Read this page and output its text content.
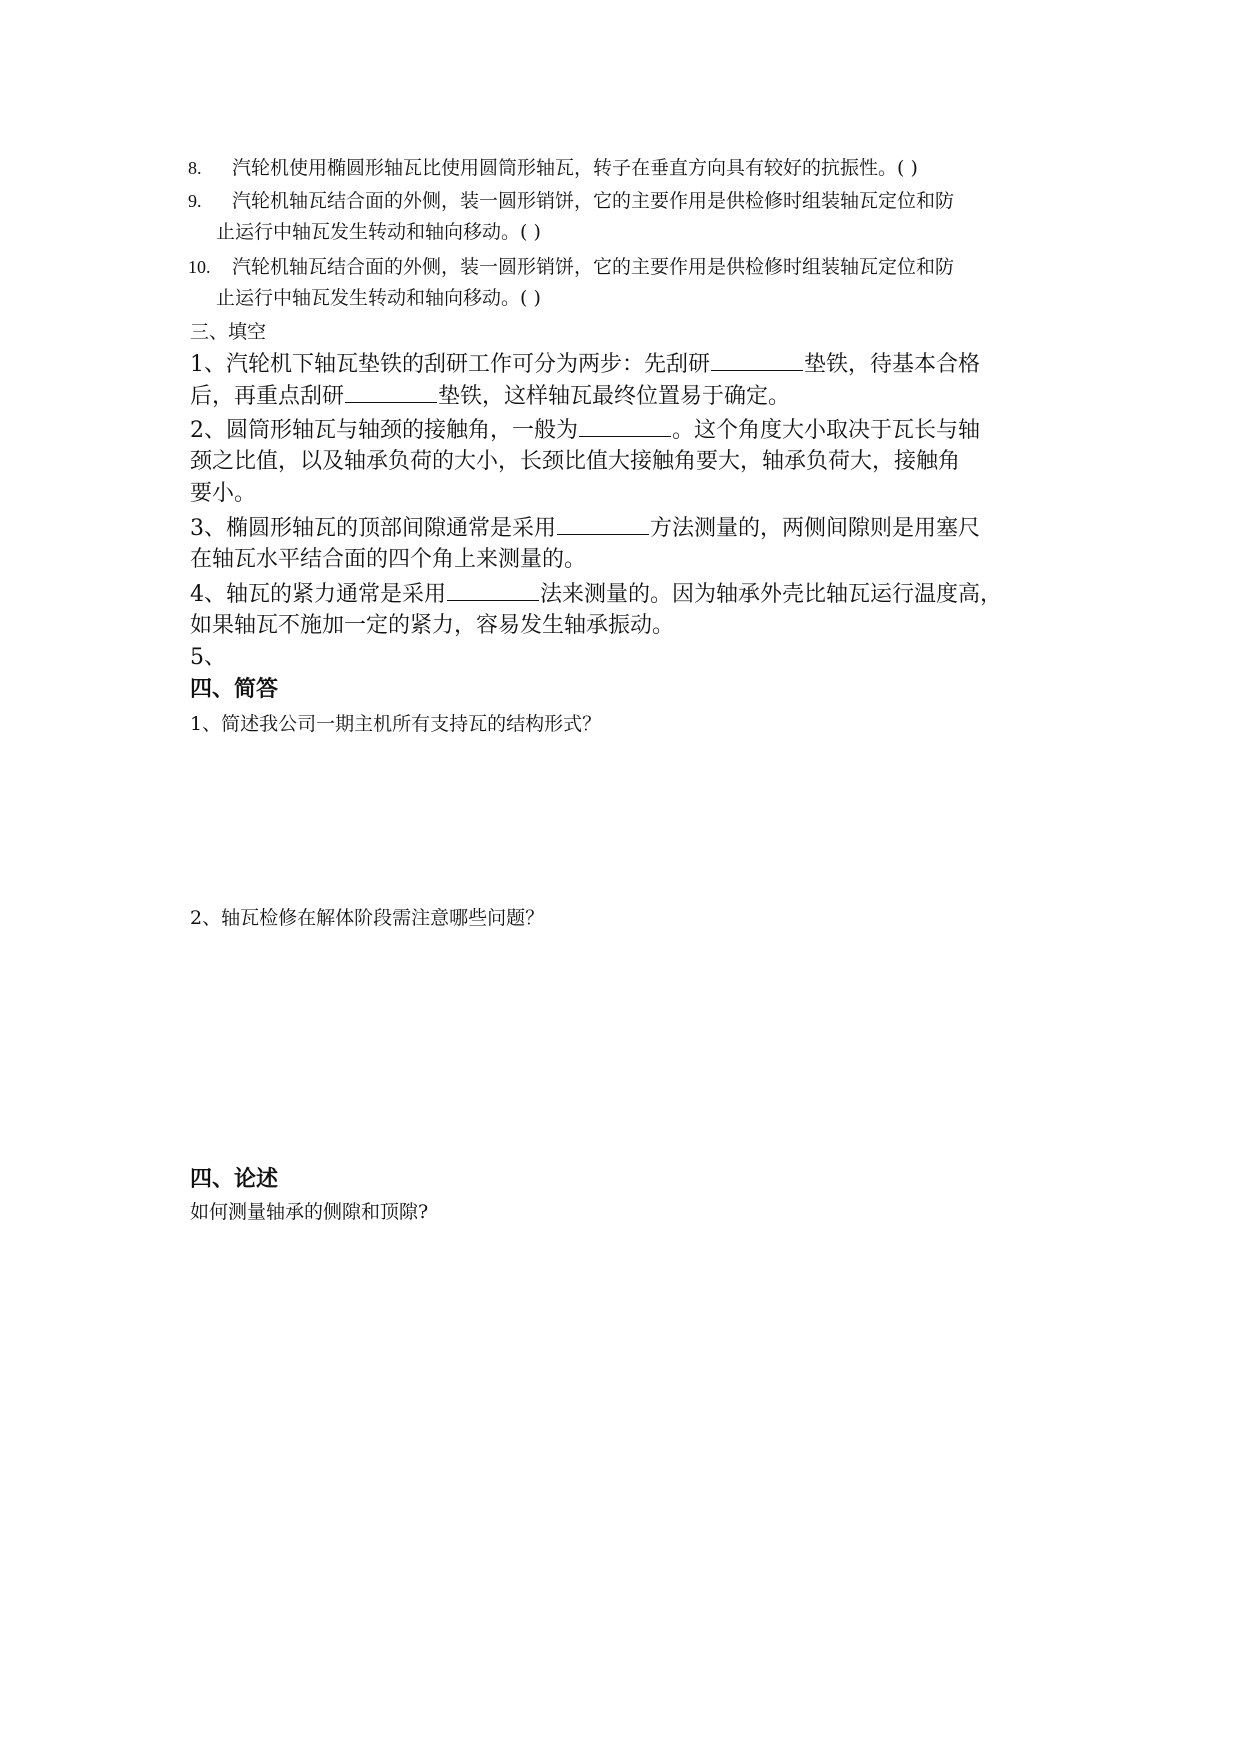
8. 汽轮机使用椭圆形轴瓦比使用圆筒形轴瓦，转子在垂直方向具有较好的抗振性。( )
9. 汽轮机轴瓦结合面的外侧，装一圆形销饼，它的主要作用是供检修时组装轴瓦定位和防
止运行中轴瓦发生转动和轴向移动。( )
10. 汽轮机轴瓦结合面的外侧，装一圆形销饼，它的主要作用是供检修时组装轴瓦定位和防
止运行中轴瓦发生转动和轴向移动。( )
三、填空
1、汽轮机下轴瓦垫铁的刮研工作可分为两步：先刮研	垫铁，待基本合格
后，再重点刮研	垫铁，这样轴瓦最终位置易于确定。
2、圆筒形轴瓦与轴颈的接触角，一般为	。这个角度大小取决于瓦长与轴
颈之比值，以及轴承负荷的大小，长颈比值大接触角要大，轴承负荷大，接触角
要小。
3、椭圆形轴瓦的顶部间隙通常是采用	方法测量的，两侧间隙则是用塞尺
在轴瓦水平结合面的四个角上来测量的。
4、轴瓦的紧力通常是采用	法来测量的。因为轴承外壳比轴瓦运行温度高，
如果轴瓦不施加一定的紧力，容易发生轴承振动。
5、
四、简答
1、简述我公司一期主机所有支持瓦的结构形式？
2、轴瓦检修在解体阶段需注意哪些问题？
四、论述
如何测量轴承的侧隙和顶隙?
